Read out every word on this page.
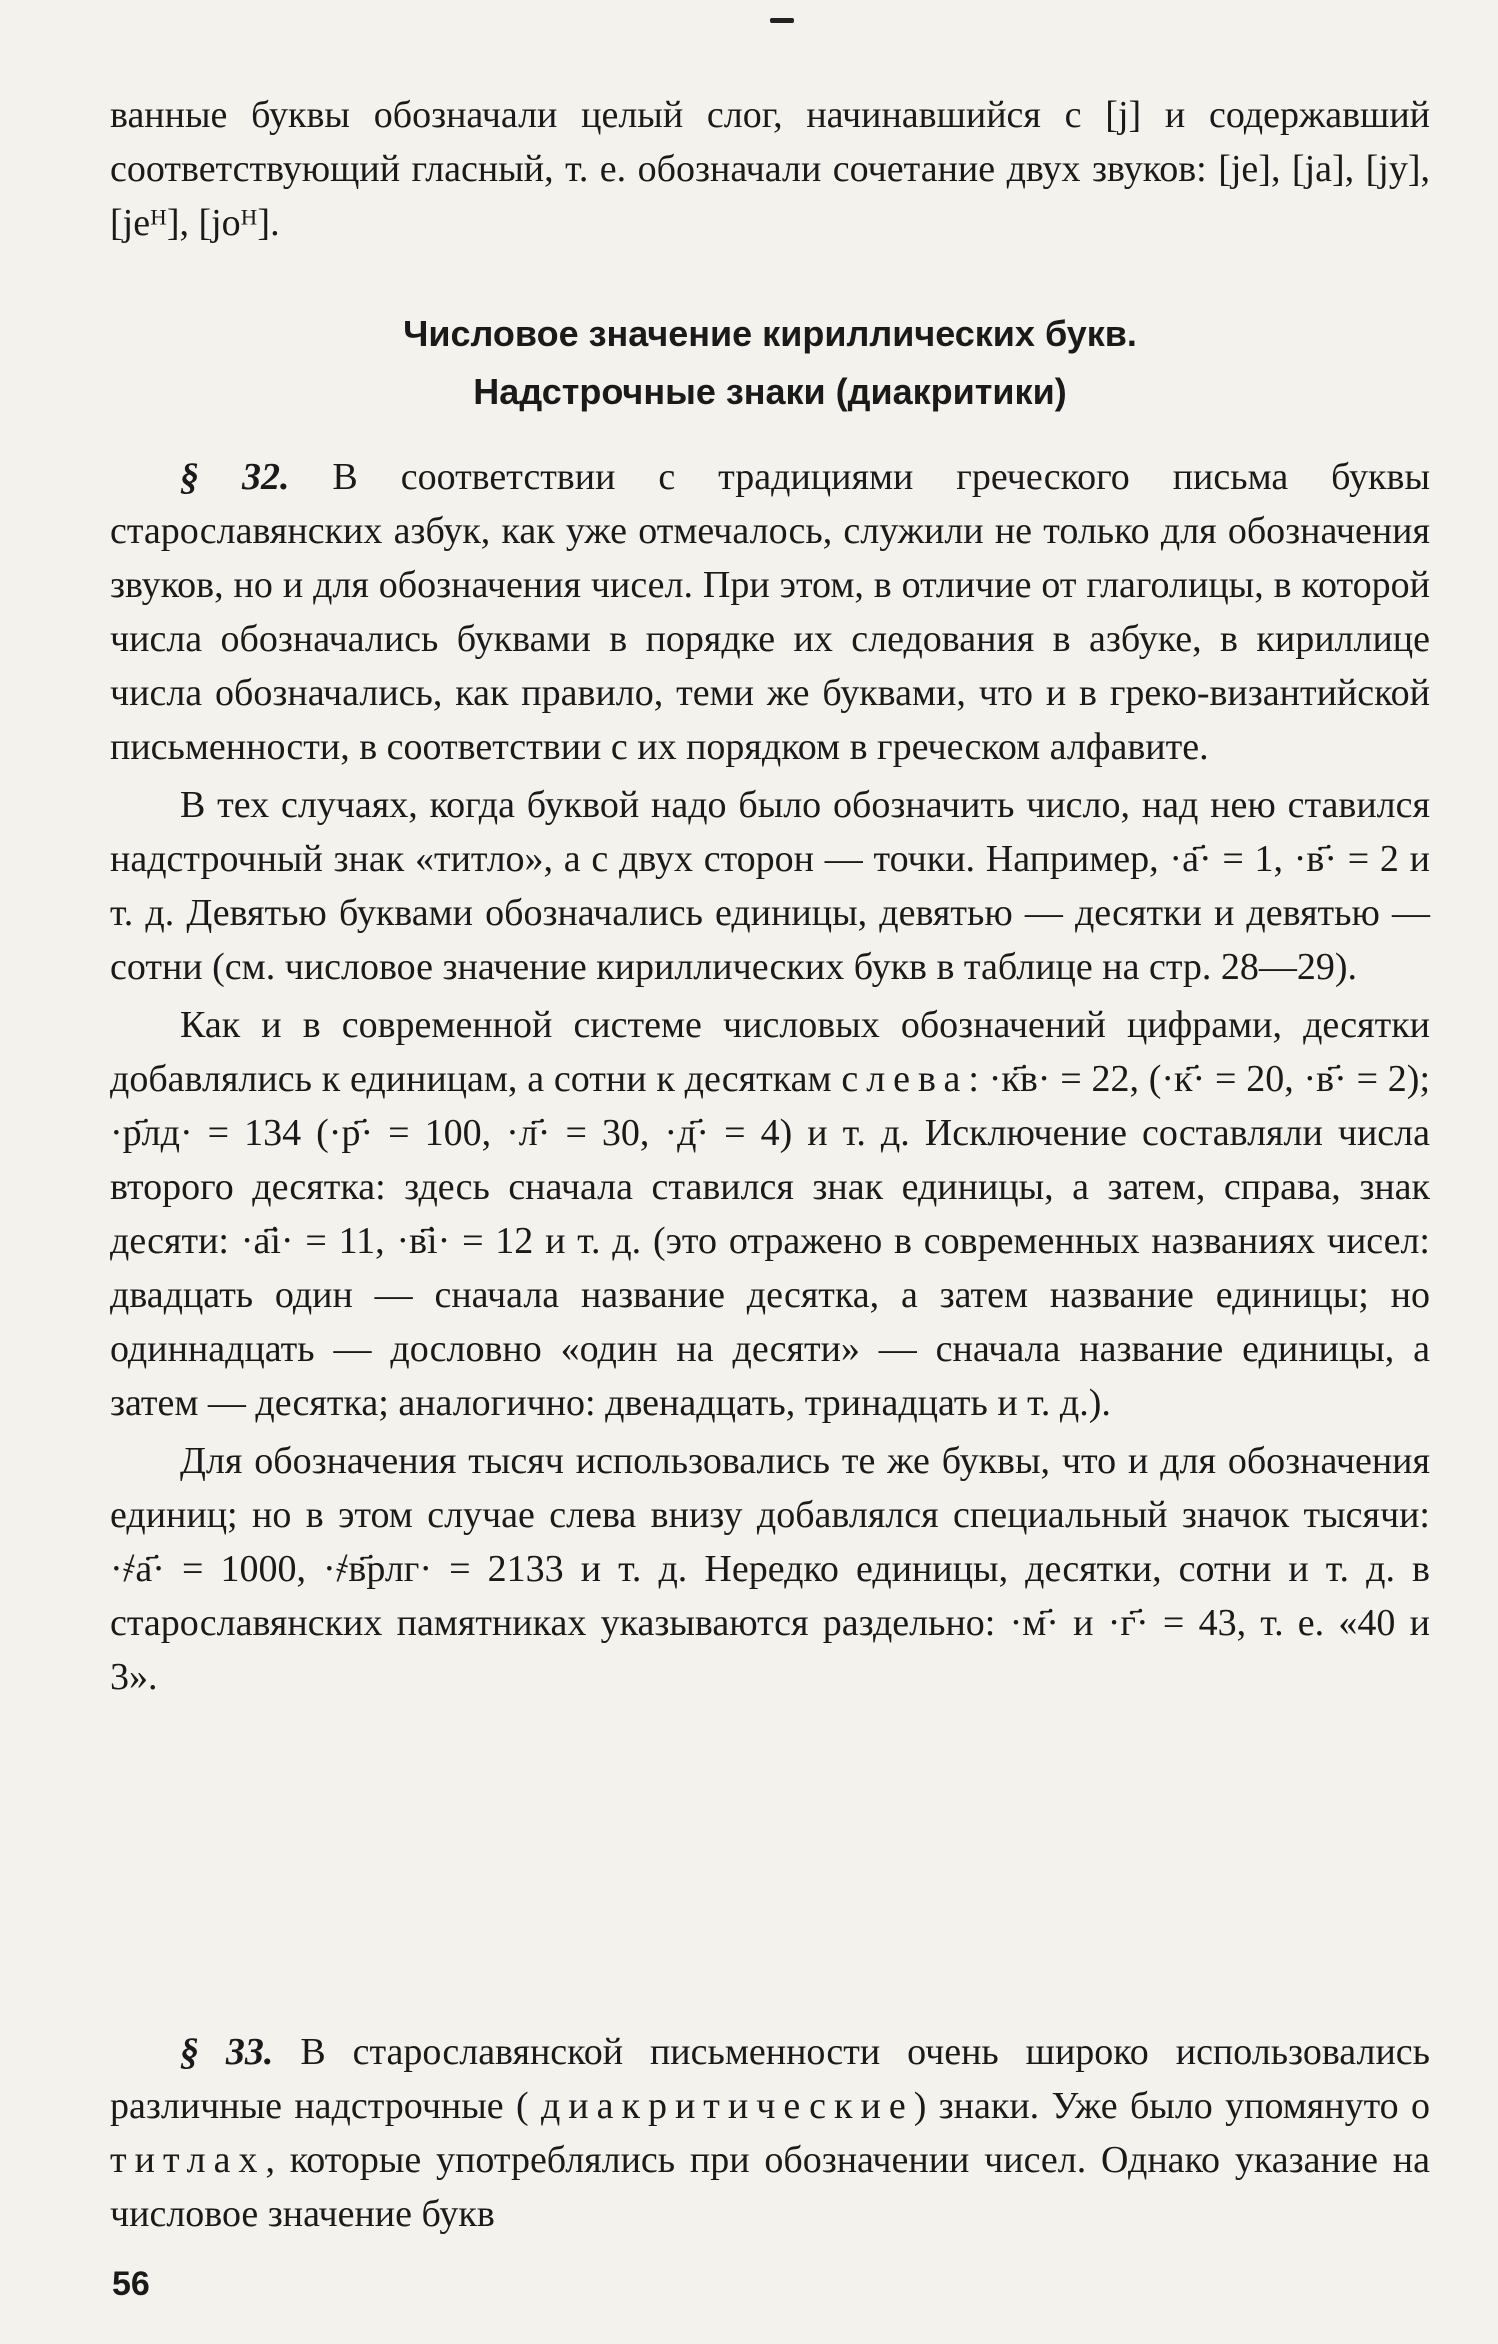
ванные буквы обозначали целый слог, начинавшийся с [j] и содержавший соответствующий гласный, т. е. обозначали сочетание двух звуков: [je], [ja], [jy], [jeᴴ], [joᴴ].

Числовое значение кириллических букв.
Надстрочные знаки (диакритики)

§ 32. В соответствии с традициями греческого письма буквы старославянских азбук, как уже отмечалось, служили не только для обозначения звуков, но и для обозначения чисел. При этом, в отличие от глаголицы, в которой числа обозначались буквами в порядке их следования в азбуке, в кириллице числа обозначались, как правило, теми же буквами, что и в греко-византийской письменности, в соответствии с их порядком в греческом алфавите.

В тех случаях, когда буквой надо было обозначить число, над нею ставился надстрочный знак «титло», а с двух сторон — точки. Например, ·а҃· = 1, ·в҃· = 2 и т. д. Девятью буквами обозначались единицы, девятью — десятки и девятью — сотни (см. числовое значение кириллических букв в таблице на стр. 28—29).

Как и в современной системе числовых обозначений цифрами, десятки добавлялись к единицам, а сотни к десяткам слева: ·к҃в· = 22, (·к҃· = 20, ·в҃· = 2); ·р҃лд· = 134 (·р҃· = 100, ·л҃· = 30, ·д҃· = 4) и т. д. Исключение составляли числа второго десятка: здесь сначала ставился знак единицы, а затем, справа, знак десяти: ·а҃і· = 11, ·в҃і· = 12 и т. д. (это отражено в современных названиях чисел: двадцать один — сначала название десятка, а затем название единицы; но одиннадцать — дословно «один на десяти» — сначала название единицы, а затем — десятка; аналогично: двенадцать, тринадцать и т. д.).

Для обозначения тысяч использовались те же буквы, что и для обозначения единиц; но в этом случае слева внизу добавлялся специальный значок тысячи: ·҂а҃· = 1000, ·҂в҃рлг· = 2133 и т. д. Нередко единицы, десятки, сотни и т. д. в старославянских памятниках указываются раздельно: ·м҃· и ·г҃· = 43, т. е. «40 и 3».

§ 33. В старославянской письменности очень широко использовались различные надстрочные ( диакритические) знаки. Уже было упомянуто о титлах, которые употреблялись при обозначении чисел. Однако указание на числовое значение букв

56
